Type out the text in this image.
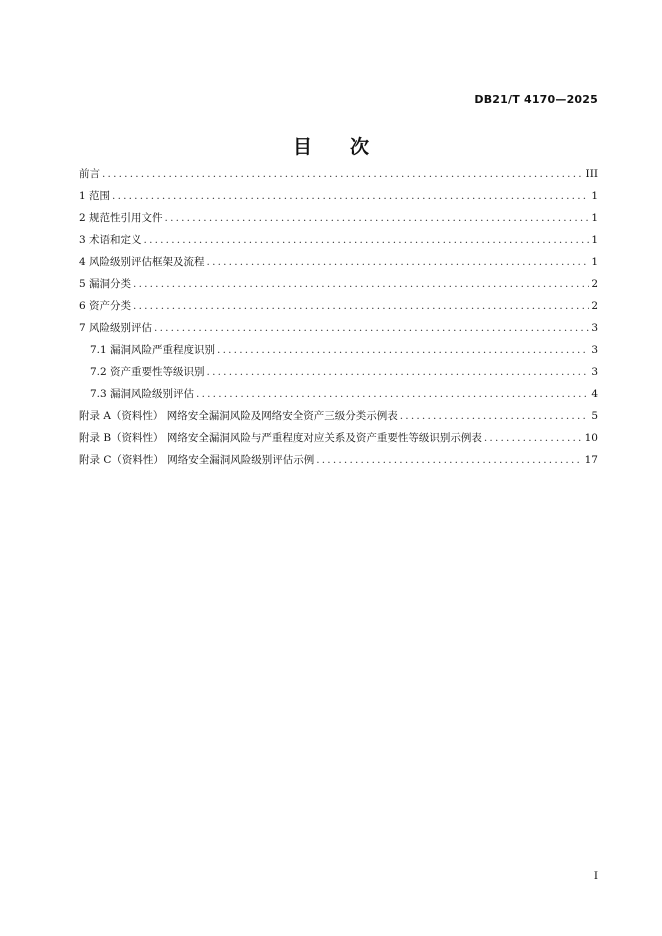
DB21/T 4170—2025
目　　次
前言 .....	III
1 范围 .....	1
2 规范性引用文件 .....	1
3 术语和定义 .....	1
4 风险级别评估框架及流程 .....	1
5 漏洞分类 .....	2
6 资产分类 .....	2
7 风险级别评估 .....	3
7.1 漏洞风险严重程度识别 .....	3
7.2 资产重要性等级识别 .....	3
7.3 漏洞风险级别评估 .....	4
附录 A（资料性） 网络安全漏洞风险及网络安全资产三级分类示例表 .....	5
附录 B（资料性） 网络安全漏洞风险与严重程度对应关系及资产重要性等级识别示例表 .....	10
附录 C（资料性） 网络安全漏洞风险级别评估示例 .....	17
I
